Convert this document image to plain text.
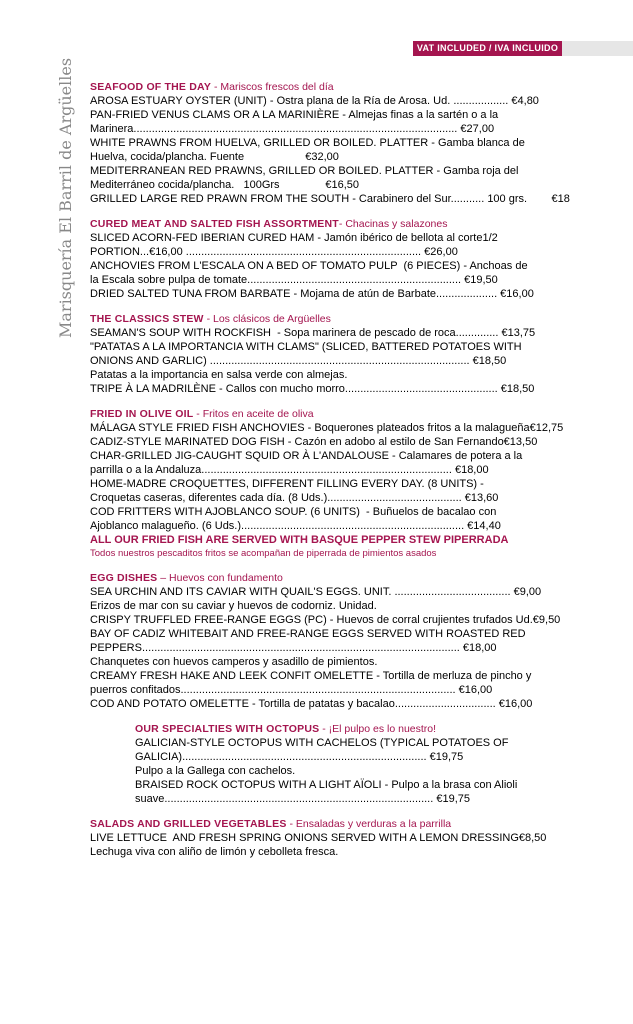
VAT INCLUDED / IVA INCLUIDO
Marisquería El Barril de Argüelles SEAFOOD OF THE DAY - Mariscos frescos del día
AROSA ESTUARY OYSTER (UNIT) - Ostra plana de la Ría de Arosa. Ud. .................. €4,80
PAN-FRIED VENUS CLAMS OR A LA MARINIÈRE - Almejas finas a la sartén o a la
Marinera.......................................................................................................... €27,00
WHITE PRAWNS FROM HUELVA, GRILLED OR BOILED. PLATTER - Gamba blanca de
Huelva, cocida/plancha. Fuente                    €32,00
MEDITERRANEAN RED PRAWNS, GRILLED OR BOILED. PLATTER - Gamba roja del
Mediterráneo cocida/plancha.   100Grs               €16,50
GRILLED LARGE RED PRAWN FROM THE SOUTH - Carabinero del Sur........... 100 grs.        €18
CURED MEAT AND SALTED FISH ASSORTMENT- Chacinas y salazones
SLICED ACORN-FED IBERIAN CURED HAM - Jamón ibérico de bellota al corte1/2
PORTION...€16,00 ............................................................................. €26,00
ANCHOVIES FROM L'ESCALA ON A BED OF TOMATO PULP  (6 PIECES) - Anchoas de
la Escala sobre pulpa de tomate...................................................................... €19,50
DRIED SALTED TUNA FROM BARBATE - Mojama de atún de Barbate.................... €16,00
THE CLASSICS STEW - Los clásicos de Argüelles
SEAMAN'S SOUP WITH ROCKFISH  - Sopa marinera de pescado de roca.............. €13,75
"PATATAS A LA IMPORTANCIA WITH CLAMS" (SLICED, BATTERED POTATOES WITH
ONIONS AND GARLIC) ..................................................................................... €18,50
Patatas a la importancia en salsa verde con almejas.
TRIPE À LA MADRILÈNE - Callos con mucho morro.................................................. €18,50
FRIED IN OLIVE OIL - Fritos en aceite de oliva
MÁLAGA STYLE FRIED FISH ANCHOVIES - Boquerones plateados fritos a la malagueña€12,75
CADIZ-STYLE MARINATED DOG FISH - Cazón en adobo al estilo de San Fernando€13,50
CHAR-GRILLED JIG-CAUGHT SQUID OR À L'ANDALOUSE - Calamares de potera a la
parrilla o a la Andaluza.................................................................................. €18,00
HOME-MADRE CROQUETTES, DIFFERENT FILLING EVERY DAY. (8 UNITS) -
Croquetas caseras, diferentes cada día. (8 Uds.)............................................ €13,60
COD FRITTERS WITH AJOBLANCO SOUP. (6 UNITS)  - Buñuelos de bacalao con
Ajoblanco malagueño. (6 Uds.)......................................................................... €14,40
ALL OUR FRIED FISH ARE SERVED WITH BASQUE PEPPER STEW PIPERRADA
Todos nuestros pescaditos fritos se acompañan de piperrada de pimientos asados
EGG DISHES – Huevos con fundamento
SEA URCHIN AND ITS CAVIAR WITH QUAIL'S EGGS. UNIT. ...................................... €9,00
Erizos de mar con su caviar y huevos de codorniz. Unidad.
CRISPY TRUFFLED FREE-RANGE EGGS (PC) - Huevos de corral crujientes trufados Ud.€9,50
BAY OF CADIZ WHITEBAIT AND FREE-RANGE EGGS SERVED WITH ROASTED RED
PEPPERS........................................................................................................ €18,00
Chanquetes con huevos camperos y asadillo de pimientos.
CREAMY FRESH HAKE AND LEEK CONFIT OMELETTE - Tortilla de merluza de pincho y
puerros confitados.......................................................................................... €16,00
COD AND POTATO OMELETTE - Tortilla de patatas y bacalao................................. €16,00
OUR SPECIALTIES WITH OCTOPUS - ¡El pulpo es lo nuestro!
GALICIAN-STYLE OCTOPUS WITH CACHELOS (TYPICAL POTATOES OF
GALICIA)................................................................................ €19,75
Pulpo a la Gallega con cachelos.
BRAISED ROCK OCTOPUS WITH A LIGHT AÏOLI - Pulpo a la brasa con Alioli
suave........................................................................................ €19,75
SALADS AND GRILLED VEGETABLES - Ensaladas y verduras a la parrilla
LIVE LETTUCE  AND FRESH SPRING ONIONS SERVED WITH A LEMON DRESSING€8,50
Lechuga viva con aliño de limón y cebolleta fresca.
